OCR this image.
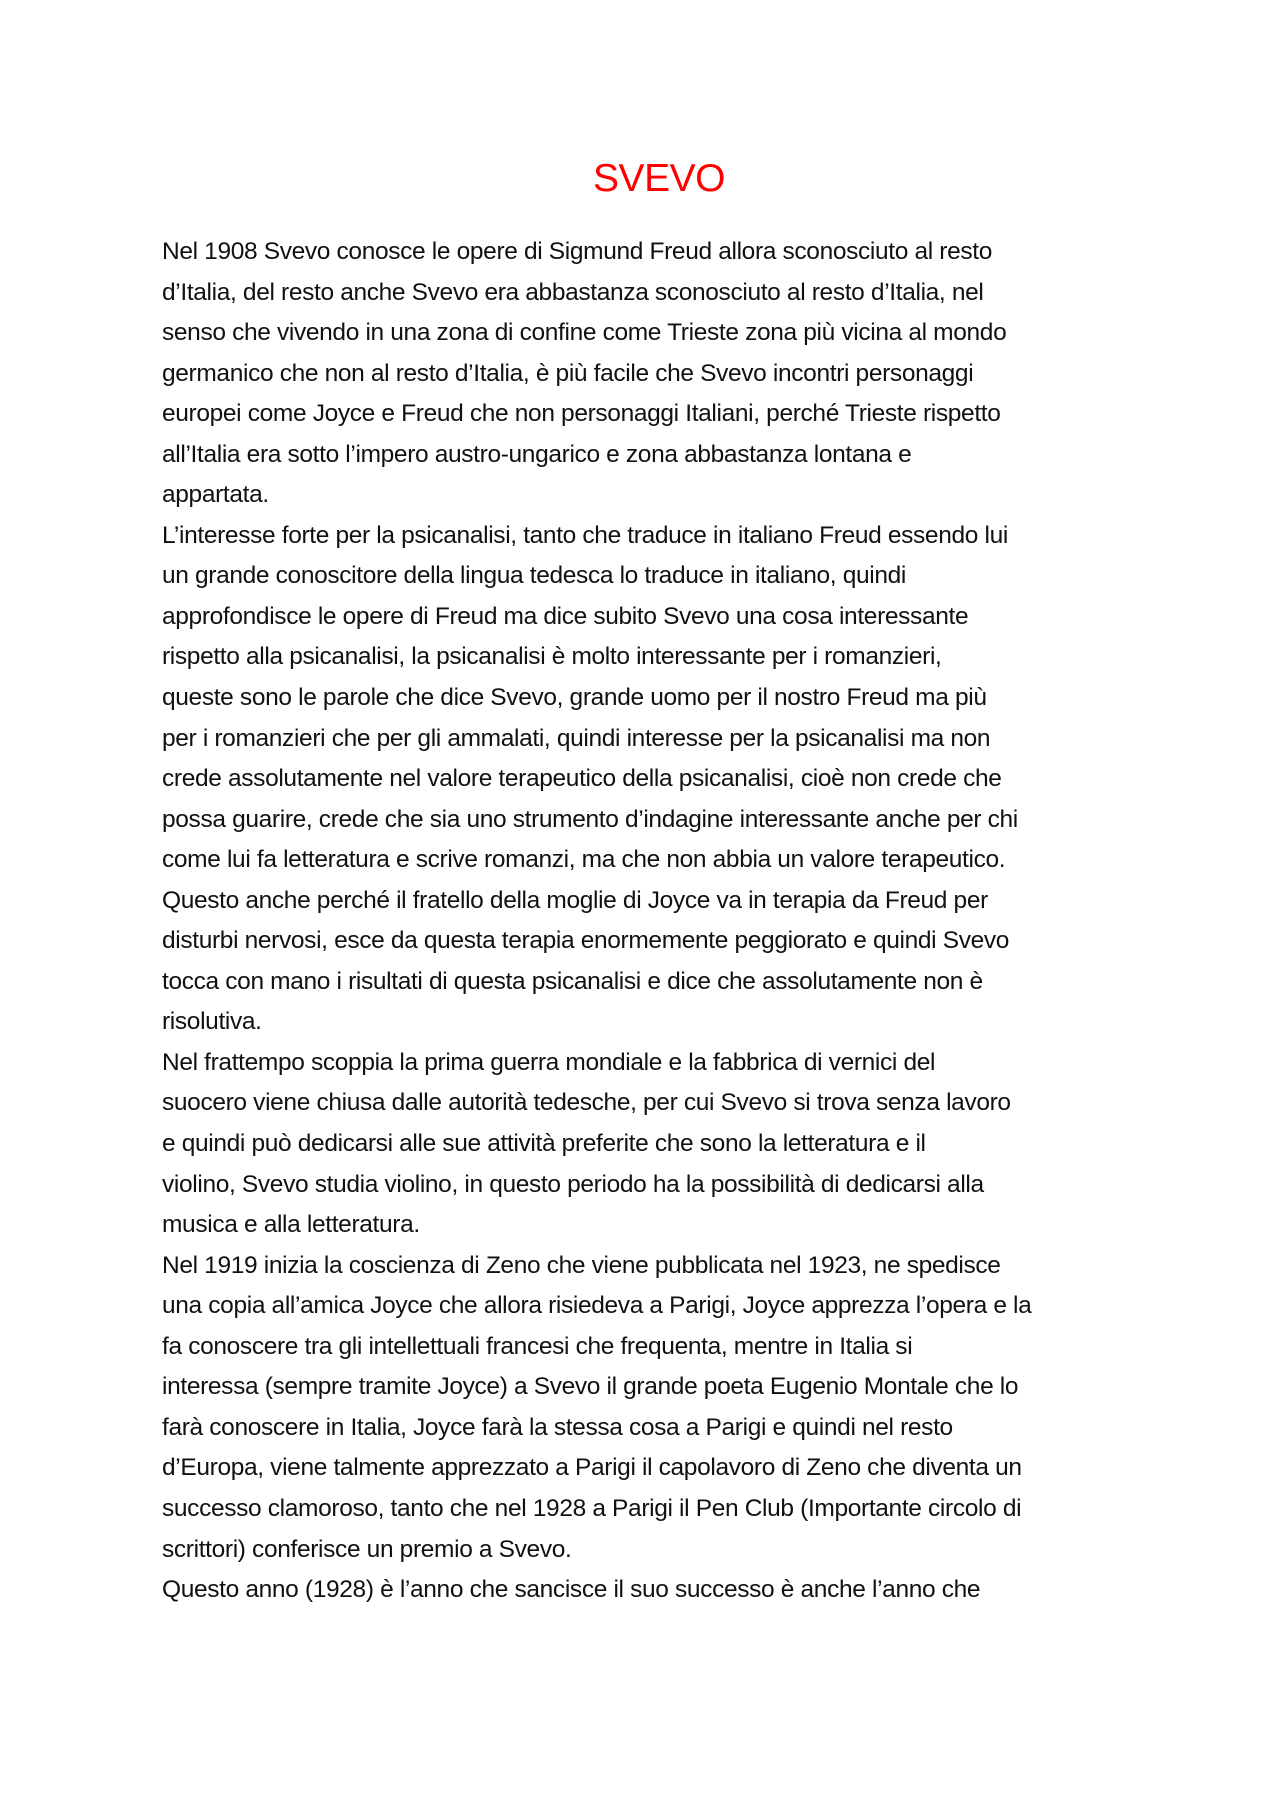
SVEVO
Nel 1908 Svevo conosce le opere di Sigmund Freud allora sconosciuto al resto
d’Italia, del resto anche Svevo era abbastanza sconosciuto al resto d’Italia, nel
senso che vivendo in una zona di confine come Trieste zona più vicina al mondo
germanico che non al resto d’Italia, è più facile che Svevo incontri personaggi
europei come Joyce e Freud che non personaggi Italiani, perché Trieste rispetto
all’Italia era sotto l’impero austro-ungarico e zona abbastanza lontana e
appartata.
L’interesse forte per la psicanalisi, tanto che traduce in italiano Freud essendo lui
un grande conoscitore della lingua tedesca lo traduce in italiano, quindi
approfondisce le opere di Freud ma dice subito Svevo una cosa interessante
rispetto alla psicanalisi, la psicanalisi è molto interessante per i romanzieri,
queste sono le parole che dice Svevo, grande uomo per il nostro Freud ma più
per i romanzieri che per gli ammalati, quindi interesse per la psicanalisi ma non
crede assolutamente nel valore terapeutico della psicanalisi, cioè non crede che
possa guarire, crede che sia uno strumento d’indagine interessante anche per chi
come lui fa letteratura e scrive romanzi, ma che non abbia un valore terapeutico.
Questo anche perché il fratello della moglie di Joyce va in terapia da Freud per
disturbi nervosi, esce da questa terapia enormemente peggiorato e quindi Svevo
tocca con mano i risultati di questa psicanalisi e dice che assolutamente non è
risolutiva.
Nel frattempo scoppia la prima guerra mondiale e la fabbrica di vernici del
suocero viene chiusa dalle autorità tedesche, per cui Svevo si trova senza lavoro
e quindi può dedicarsi alle sue attività preferite che sono la letteratura e il
violino, Svevo studia violino, in questo periodo ha la possibilità di dedicarsi alla
musica e alla letteratura.
Nel 1919 inizia la coscienza di Zeno che viene pubblicata nel 1923, ne spedisce
una copia all’amica Joyce che allora risiedeva a Parigi, Joyce apprezza l’opera e la
fa conoscere tra gli intellettuali francesi che frequenta, mentre in Italia si
interessa (sempre tramite Joyce) a Svevo il grande poeta Eugenio Montale che lo
farà conoscere in Italia, Joyce farà la stessa cosa a Parigi e quindi nel resto
d’Europa, viene talmente apprezzato a Parigi il capolavoro di Zeno che diventa un
successo clamoroso, tanto che nel 1928 a Parigi il Pen Club (Importante circolo di
scrittori) conferisce un premio a Svevo.
Questo anno (1928) è l’anno che sancisce il suo successo è anche l’anno che
